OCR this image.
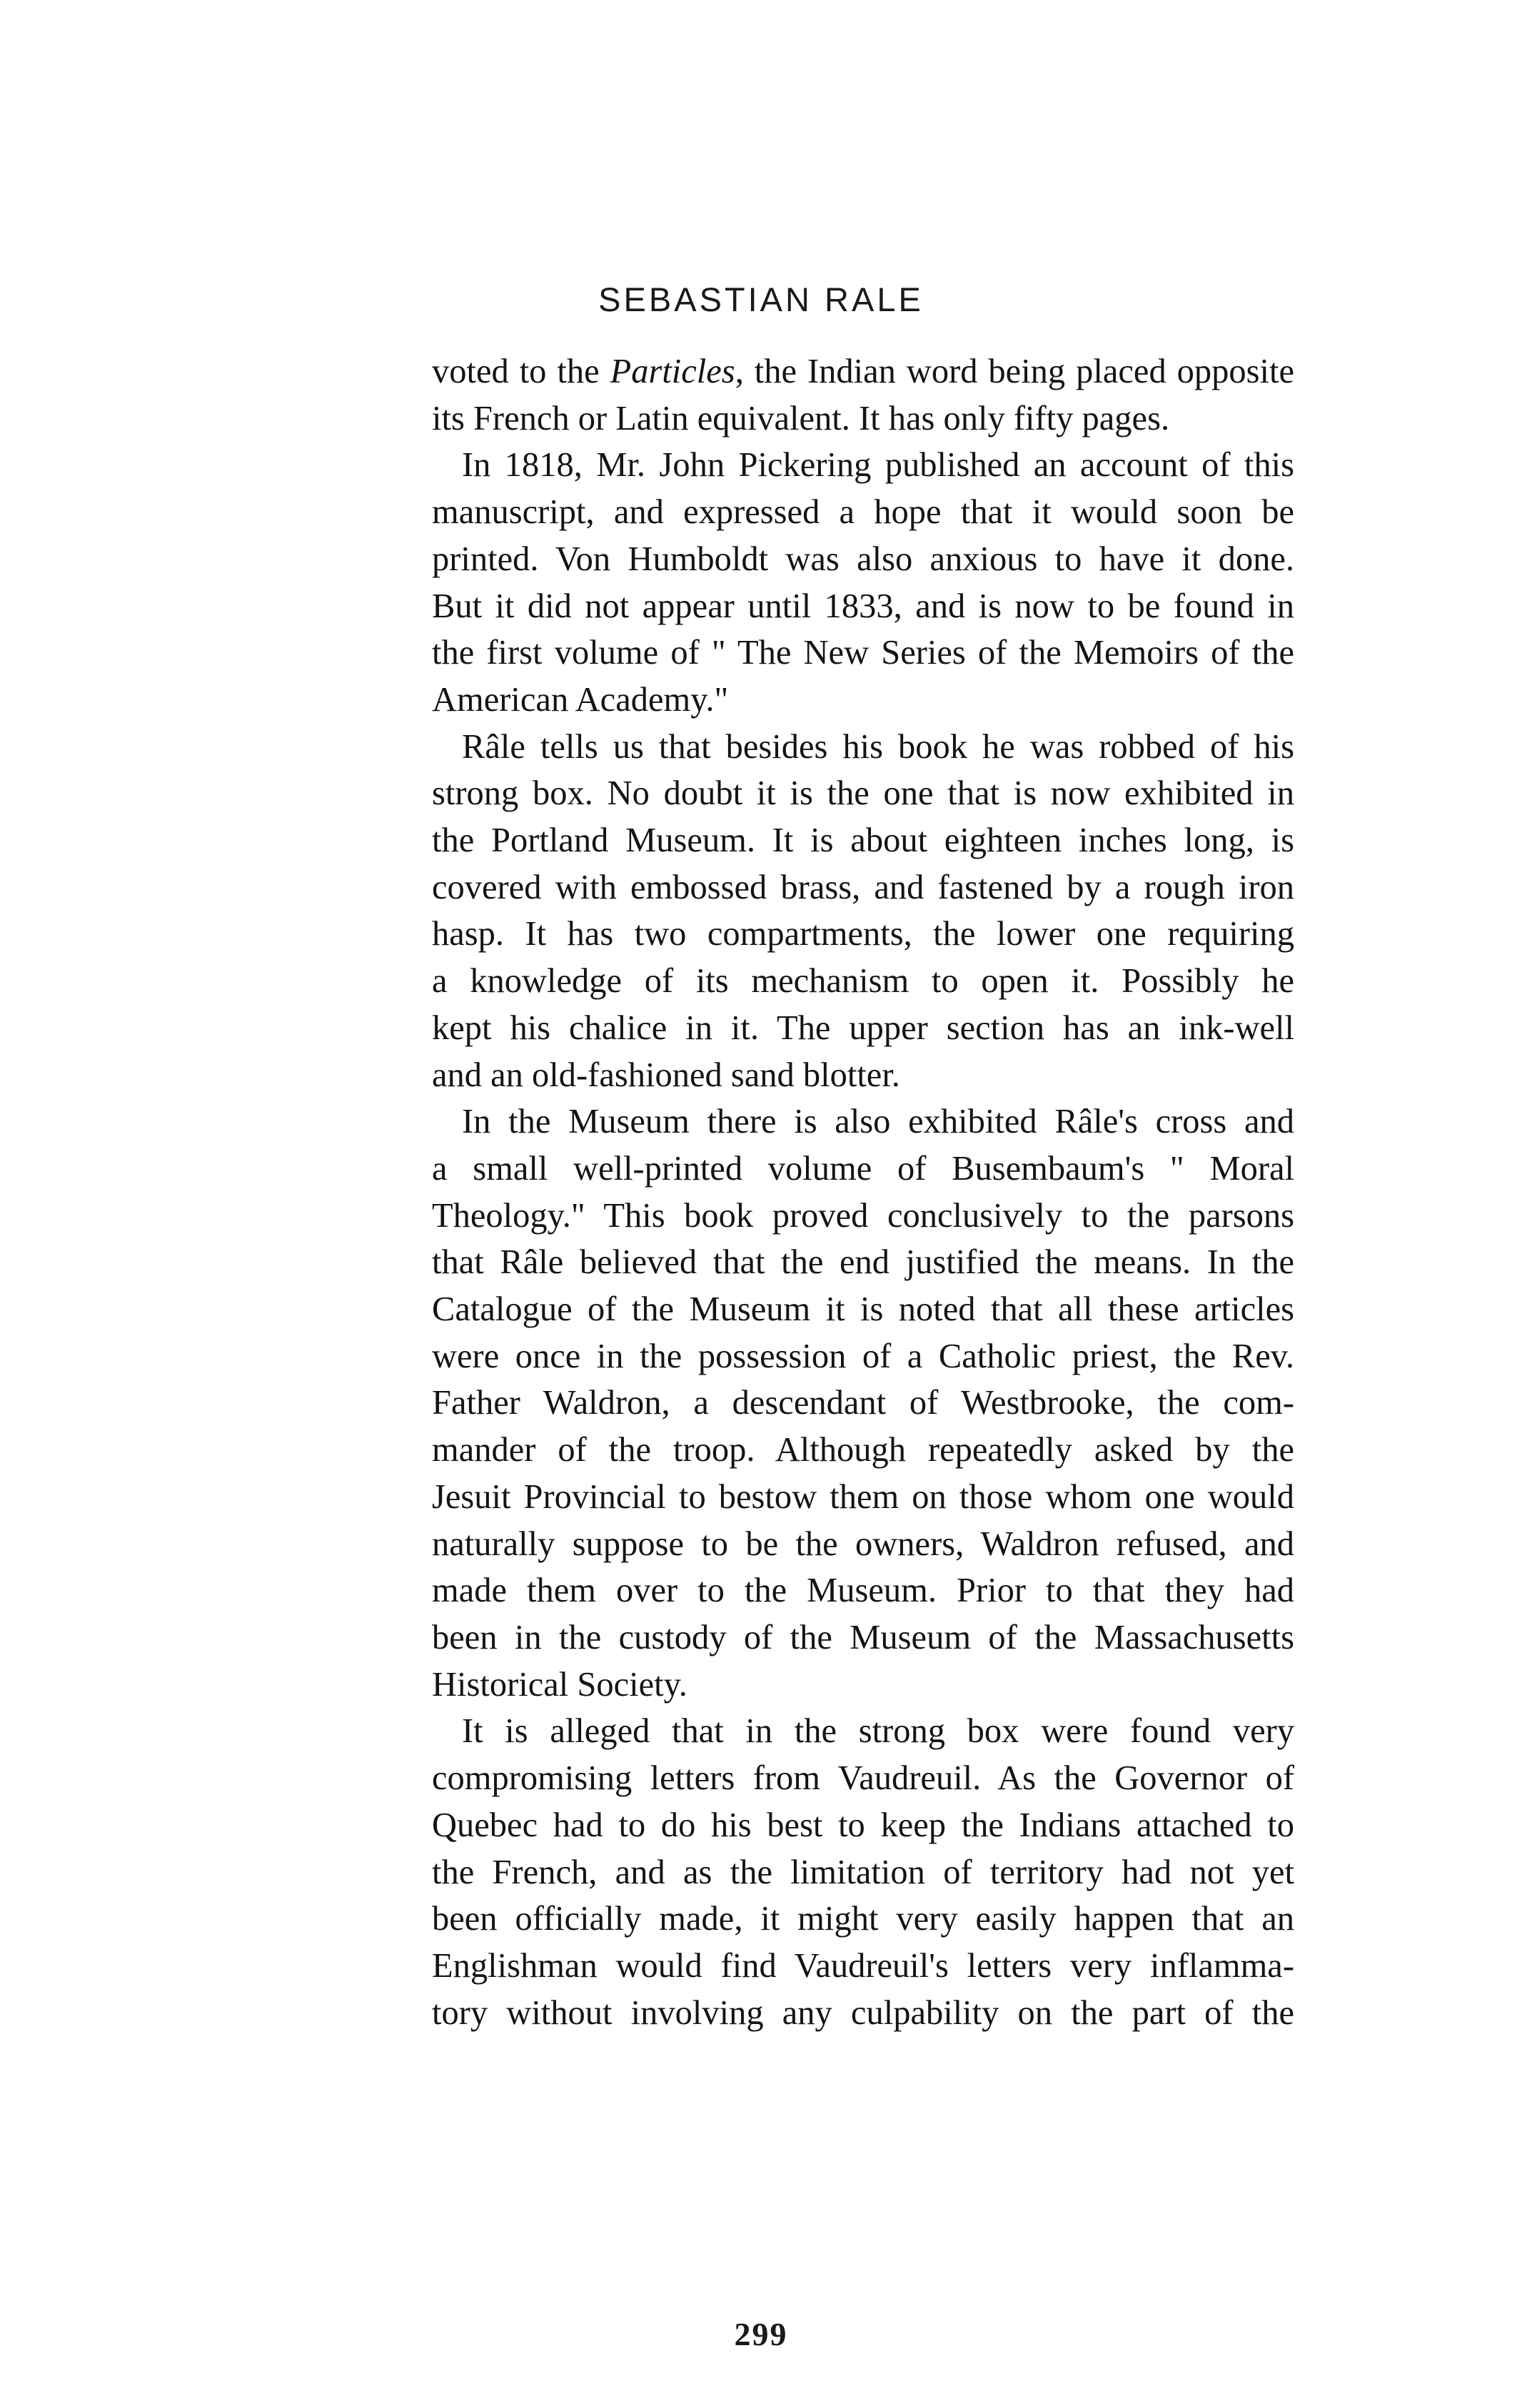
SEBASTIAN RALE
voted to the Particles, the Indian word being placed opposite
its French or Latin equivalent. It has only fifty pages.
In 1818, Mr. John Pickering published an account of this
manuscript, and expressed a hope that it would soon be
printed. Von Humboldt was also anxious to have it done.
But it did not appear until 1833, and is now to be found in
the first volume of " The New Series of the Memoirs of the
American Academy."
Râle tells us that besides his book he was robbed of his
strong box. No doubt it is the one that is now exhibited in
the Portland Museum. It is about eighteen inches long, is
covered with embossed brass, and fastened by a rough iron
hasp. It has two compartments, the lower one requiring
a knowledge of its mechanism to open it. Possibly he
kept his chalice in it. The upper section has an ink-well
and an old-fashioned sand blotter.
In the Museum there is also exhibited Râle's cross and
a small well-printed volume of Busembaum's " Moral
Theology." This book proved conclusively to the parsons
that Râle believed that the end justified the means. In the
Catalogue of the Museum it is noted that all these articles
were once in the possession of a Catholic priest, the Rev.
Father Waldron, a descendant of Westbrooke, the com-
mander of the troop. Although repeatedly asked by the
Jesuit Provincial to bestow them on those whom one would
naturally suppose to be the owners, Waldron refused, and
made them over to the Museum. Prior to that they had
been in the custody of the Museum of the Massachusetts
Historical Society.
It is alleged that in the strong box were found very
compromising letters from Vaudreuil. As the Governor of
Quebec had to do his best to keep the Indians attached to
the French, and as the limitation of territory had not yet
been officially made, it might very easily happen that an
Englishman would find Vaudreuil's letters very inflamma-
tory without involving any culpability on the part of the
299
